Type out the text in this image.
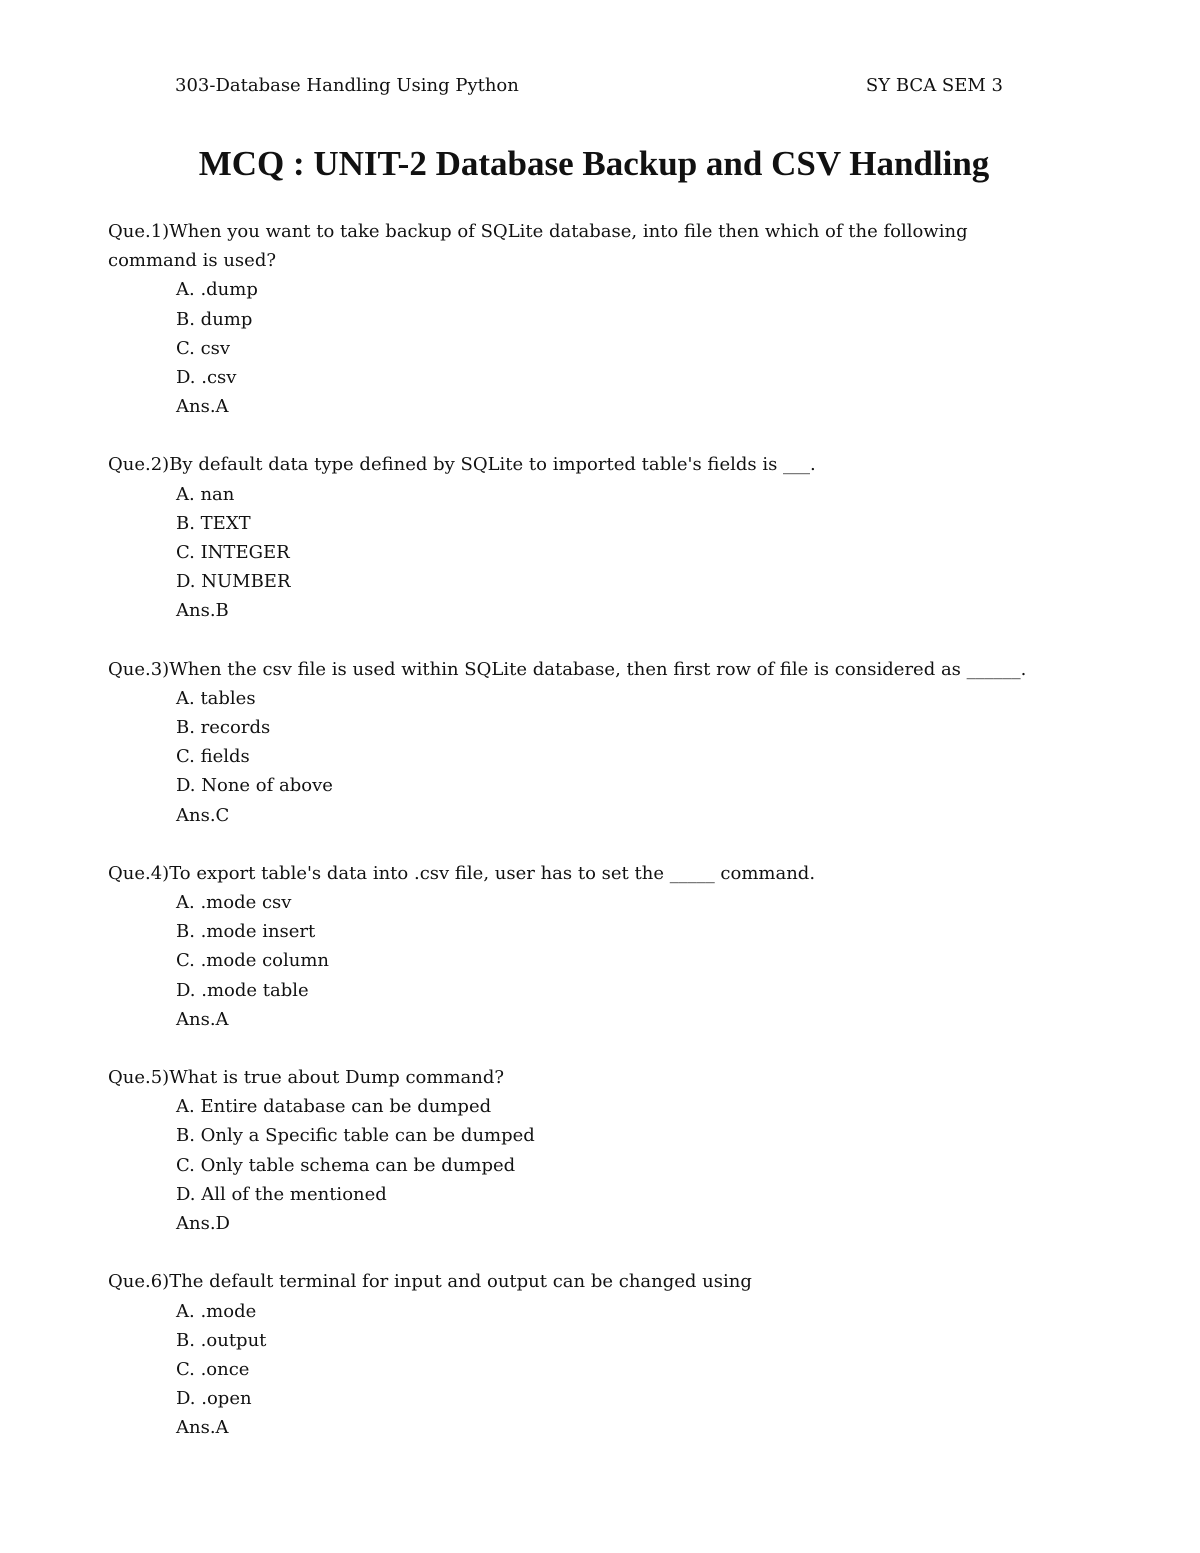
303-Database Handling Using Python	SY BCA SEM 3
MCQ : UNIT-2 Database Backup and CSV Handling
Que.1)When you want to take backup of SQLite database, into file then which of the following command is used?
A. .dump
B. dump
C. csv
D. .csv
Ans.A
Que.2)By default data type defined by SQLite to imported table's fields is ___.
A. nan
B. TEXT
C. INTEGER
D. NUMBER
Ans.B
Que.3)When the csv file is used within SQLite database, then first row of file is considered as ______.
A. tables
B. records
C. fields
D. None of above
Ans.C
Que.4)To export table's data into .csv file, user has to set the _____ command.
A. .mode csv
B. .mode insert
C. .mode column
D. .mode table
Ans.A
Que.5)What is true about Dump command?
A. Entire database can be dumped
B. Only a Specific table can be dumped
C. Only table schema can be dumped
D. All of the mentioned
Ans.D
Que.6)The default terminal for input and output can be changed using
A. .mode
B. .output
C. .once
D. .open
Ans.A
